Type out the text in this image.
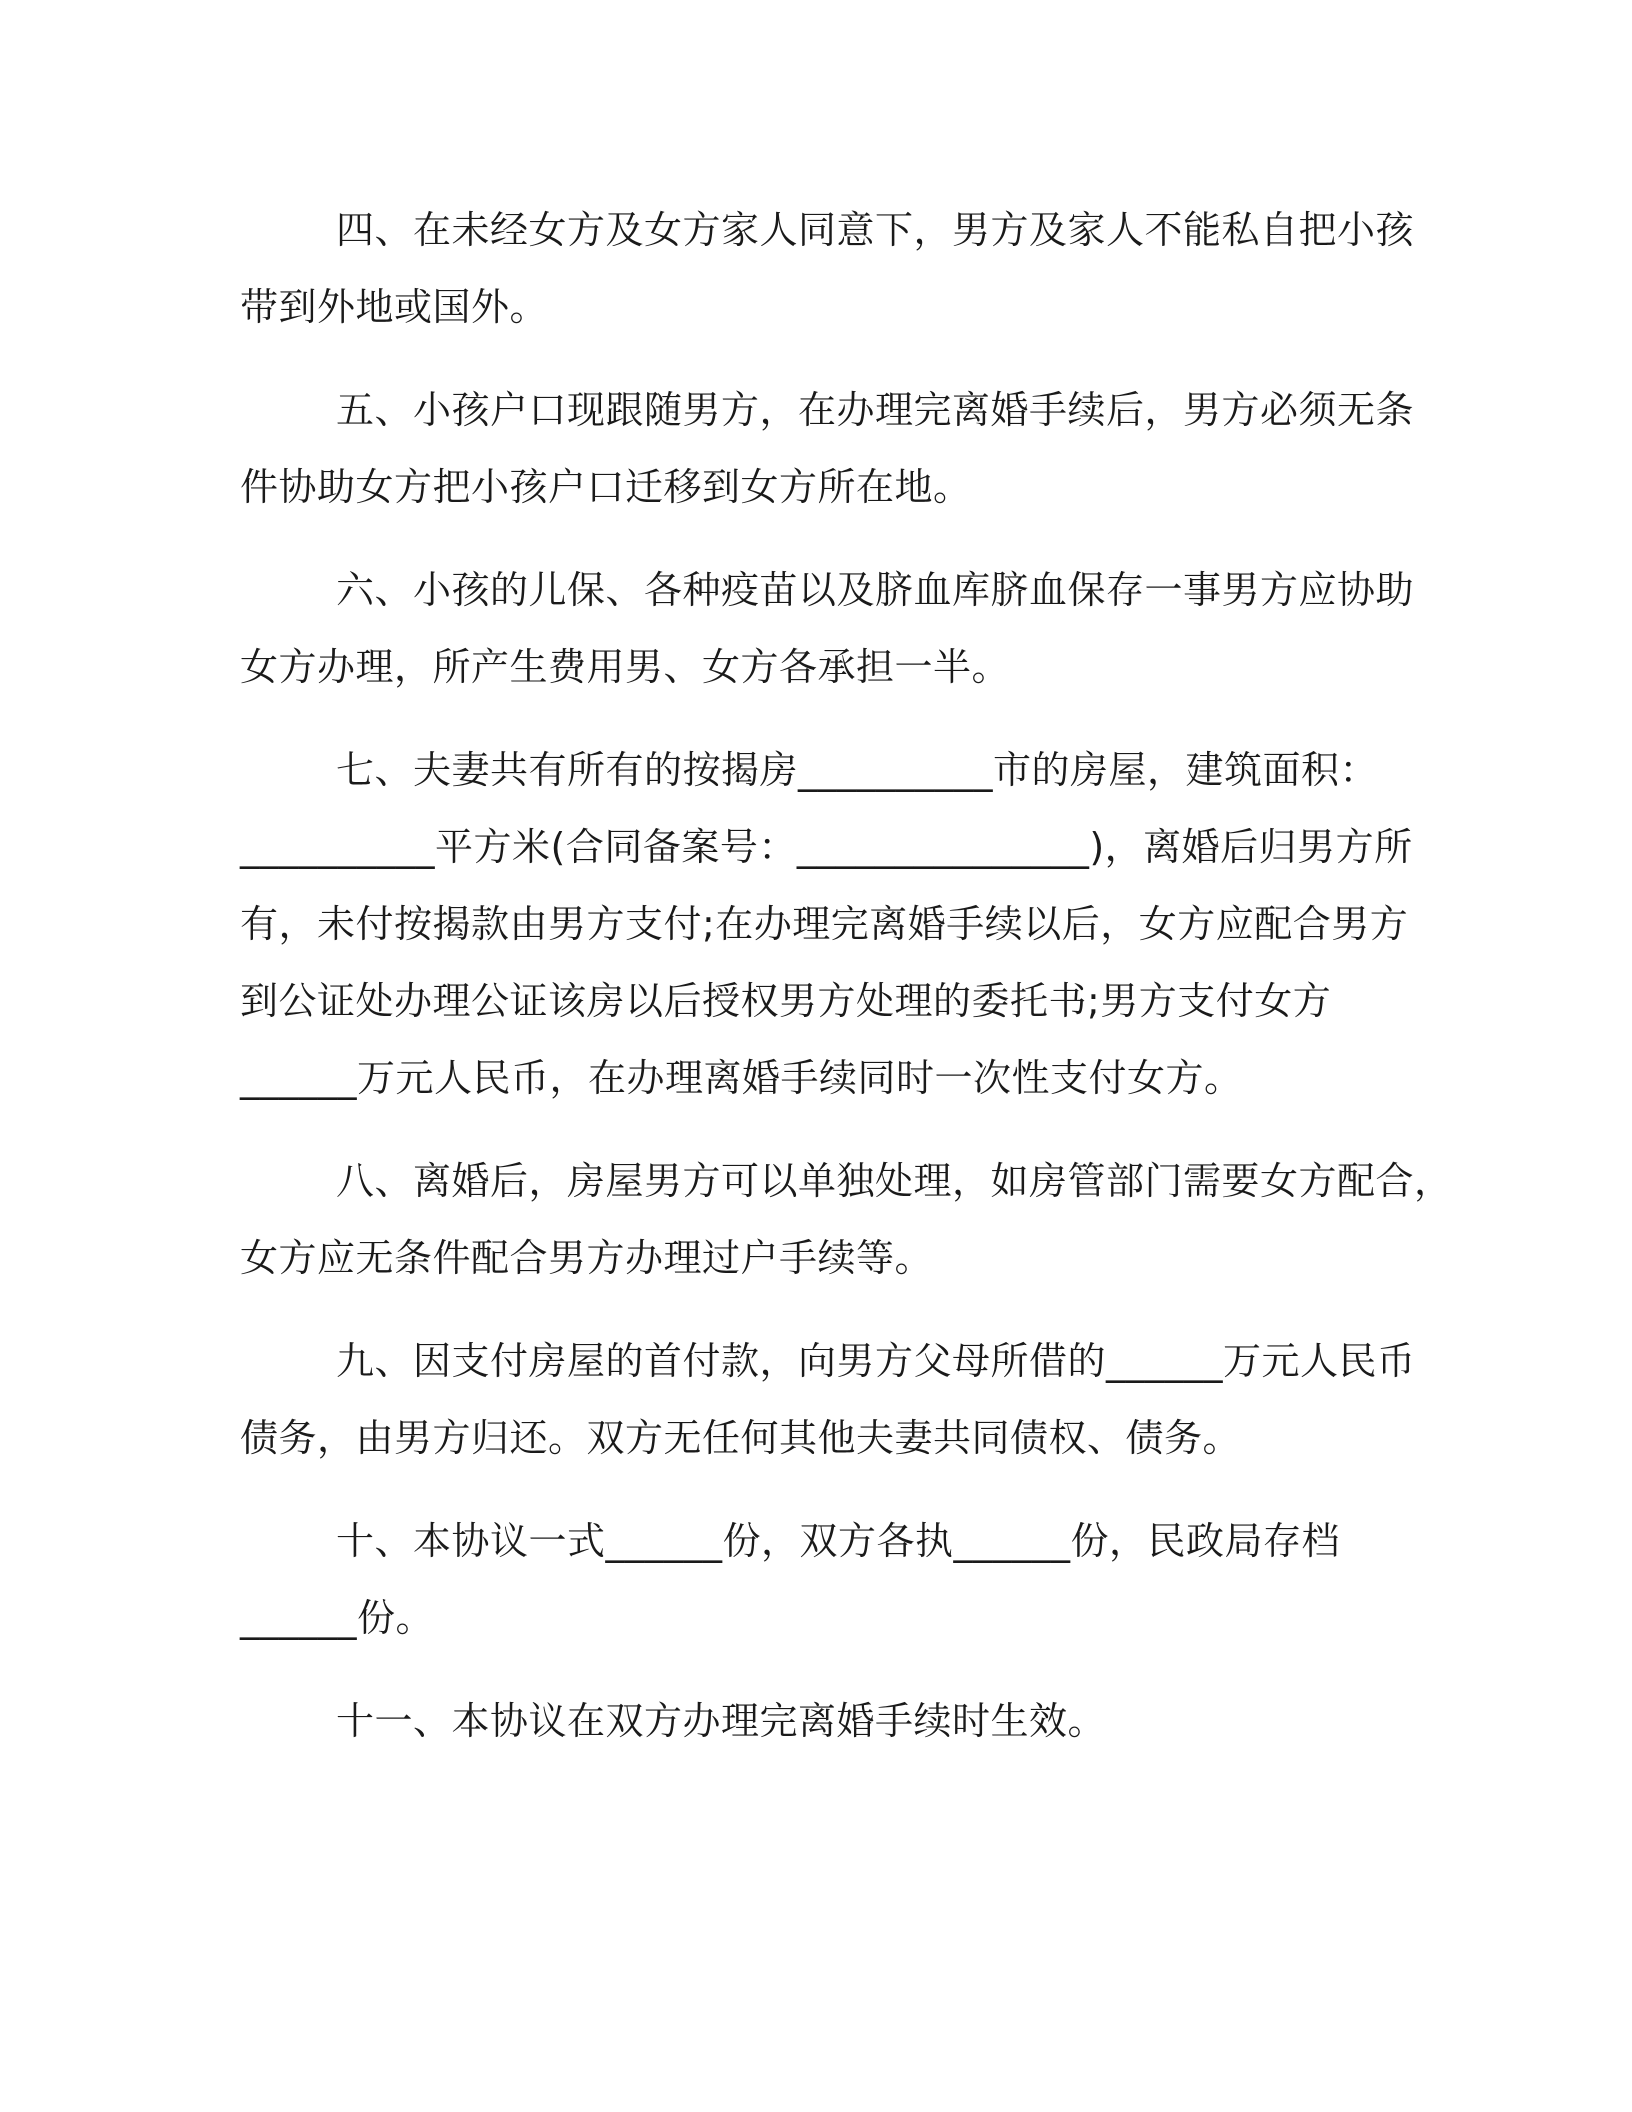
四、在未经女方及女方家人同意下，男方及家人不能私自把小孩
带到外地或国外。

五、小孩户口现跟随男方，在办理完离婚手续后，男方必须无条
件协助女方把小孩户口迁移到女方所在地。

六、小孩的儿保、各种疫苗以及脐血库脐血保存一事男方应协助
女方办理，所产生费用男、女方各承担一半。

七、夫妻共有所有的按揭房__________市的房屋，建筑面积：
__________平方米(合同备案号：_______________)，离婚后归男方所
有，未付按揭款由男方支付;在办理完离婚手续以后，女方应配合男方
到公证处办理公证该房以后授权男方处理的委托书;男方支付女方
______万元人民币，在办理离婚手续同时一次性支付女方。

八、离婚后，房屋男方可以单独处理，如房管部门需要女方配合，
女方应无条件配合男方办理过户手续等。

九、因支付房屋的首付款，向男方父母所借的______万元人民币
债务，由男方归还。双方无任何其他夫妻共同债权、债务。

十、本协议一式______份，双方各执______份，民政局存档
______份。

十一、本协议在双方办理完离婚手续时生效。
